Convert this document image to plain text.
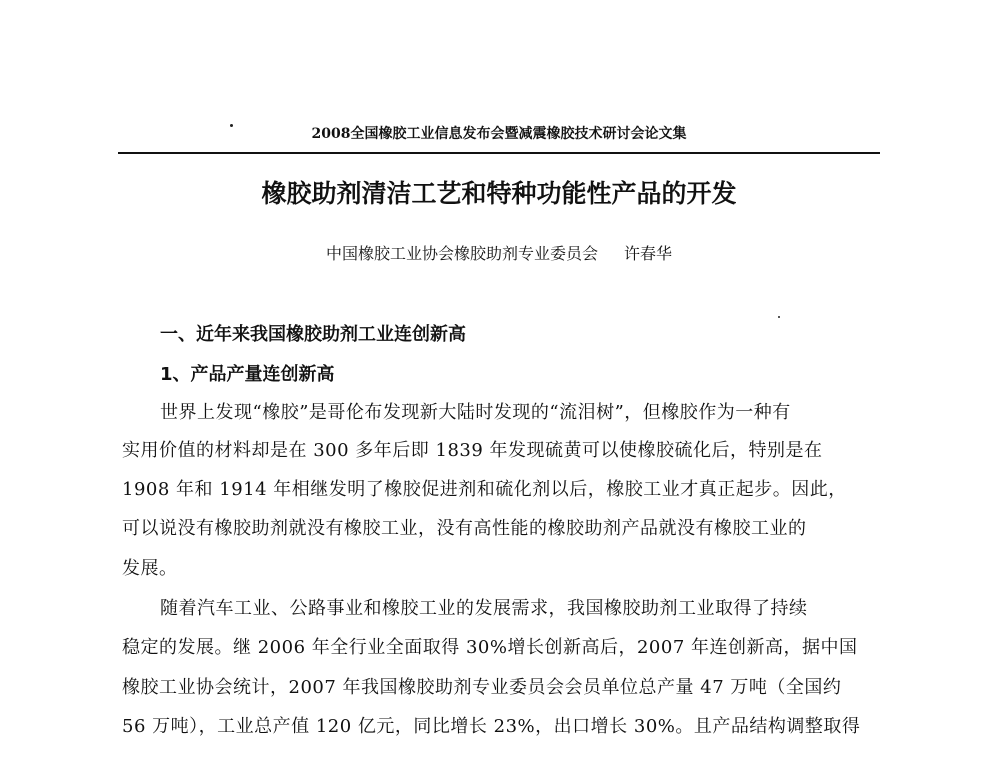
2008全国橡胶工业信息发布会暨减震橡胶技术研讨会论文集
橡胶助剂清洁工艺和特种功能性产品的开发
中国橡胶工业协会橡胶助剂专业委员会 许春华
一、近年来我国橡胶助剂工业连创新高
1、产品产量连创新高
世界上发现“橡胶”是哥伦布发现新大陆时发现的“流泪树”，但橡胶作为一种有
实用价值的材料却是在 300 多年后即 1839 年发现硫黄可以使橡胶硫化后，特别是在
1908 年和 1914 年相继发明了橡胶促进剂和硫化剂以后，橡胶工业才真正起步。因此，
可以说没有橡胶助剂就没有橡胶工业，没有高性能的橡胶助剂产品就没有橡胶工业的
发展。
随着汽车工业、公路事业和橡胶工业的发展需求，我国橡胶助剂工业取得了持续
稳定的发展。继 2006 年全行业全面取得 30%增长创新高后，2007 年连创新高，据中国
橡胶工业协会统计，2007 年我国橡胶助剂专业委员会会员单位总产量 47 万吨（全国约
56 万吨），工业总产值 120 亿元，同比增长 23%，出口增长 30%。且产品结构调整取得
